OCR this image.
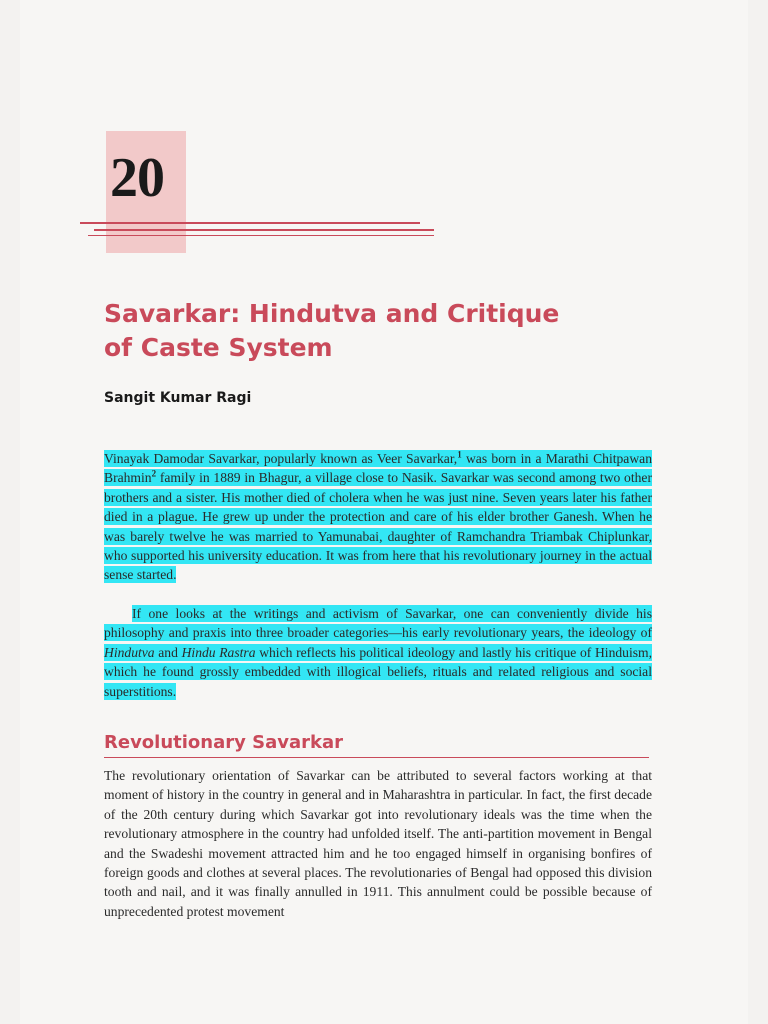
20
Savarkar: Hindutva and Critique
of Caste System
Sangit Kumar Ragi
Vinayak Damodar Savarkar, popularly known as Veer Savarkar,$^1$ was born in a Marathi Chitpawan Brahmin$^2$ family in 1889 in Bhagur, a village close to Nasik. Savarkar was second among two other brothers and a sister. His mother died of cholera when he was just nine. Seven years later his father died in a plague. He grew up under the protection and care of his elder brother Ganesh. When he was barely twelve he was married to Yamunabai, daughter of Ramchandra Triambak Chiplunkar, who supported his university education. It was from here that his revolutionary journey in the actual sense started.
If one looks at the writings and activism of Savarkar, one can conveniently divide his philosophy and praxis into three broader categories—his early revolutionary years, the ideology of Hindutva and Hindu Rastra which reflects his political ideology and lastly his critique of Hinduism, which he found grossly embedded with illogical beliefs, rituals and related religious and social superstitions.
Revolutionary Savarkar
The revolutionary orientation of Savarkar can be attributed to several factors working at that moment of history in the country in general and in Maharashtra in particular. In fact, the first decade of the 20th century during which Savarkar got into revolutionary ideals was the time when the revolutionary atmosphere in the country had unfolded itself. The anti-partition movement in Bengal and the Swadeshi movement attracted him and he too engaged himself in organising bonfires of foreign goods and clothes at several places. The revolutionaries of Bengal had opposed this division tooth and nail, and it was finally annulled in 1911. This annulment could be possible because of unprecedented protest movement
